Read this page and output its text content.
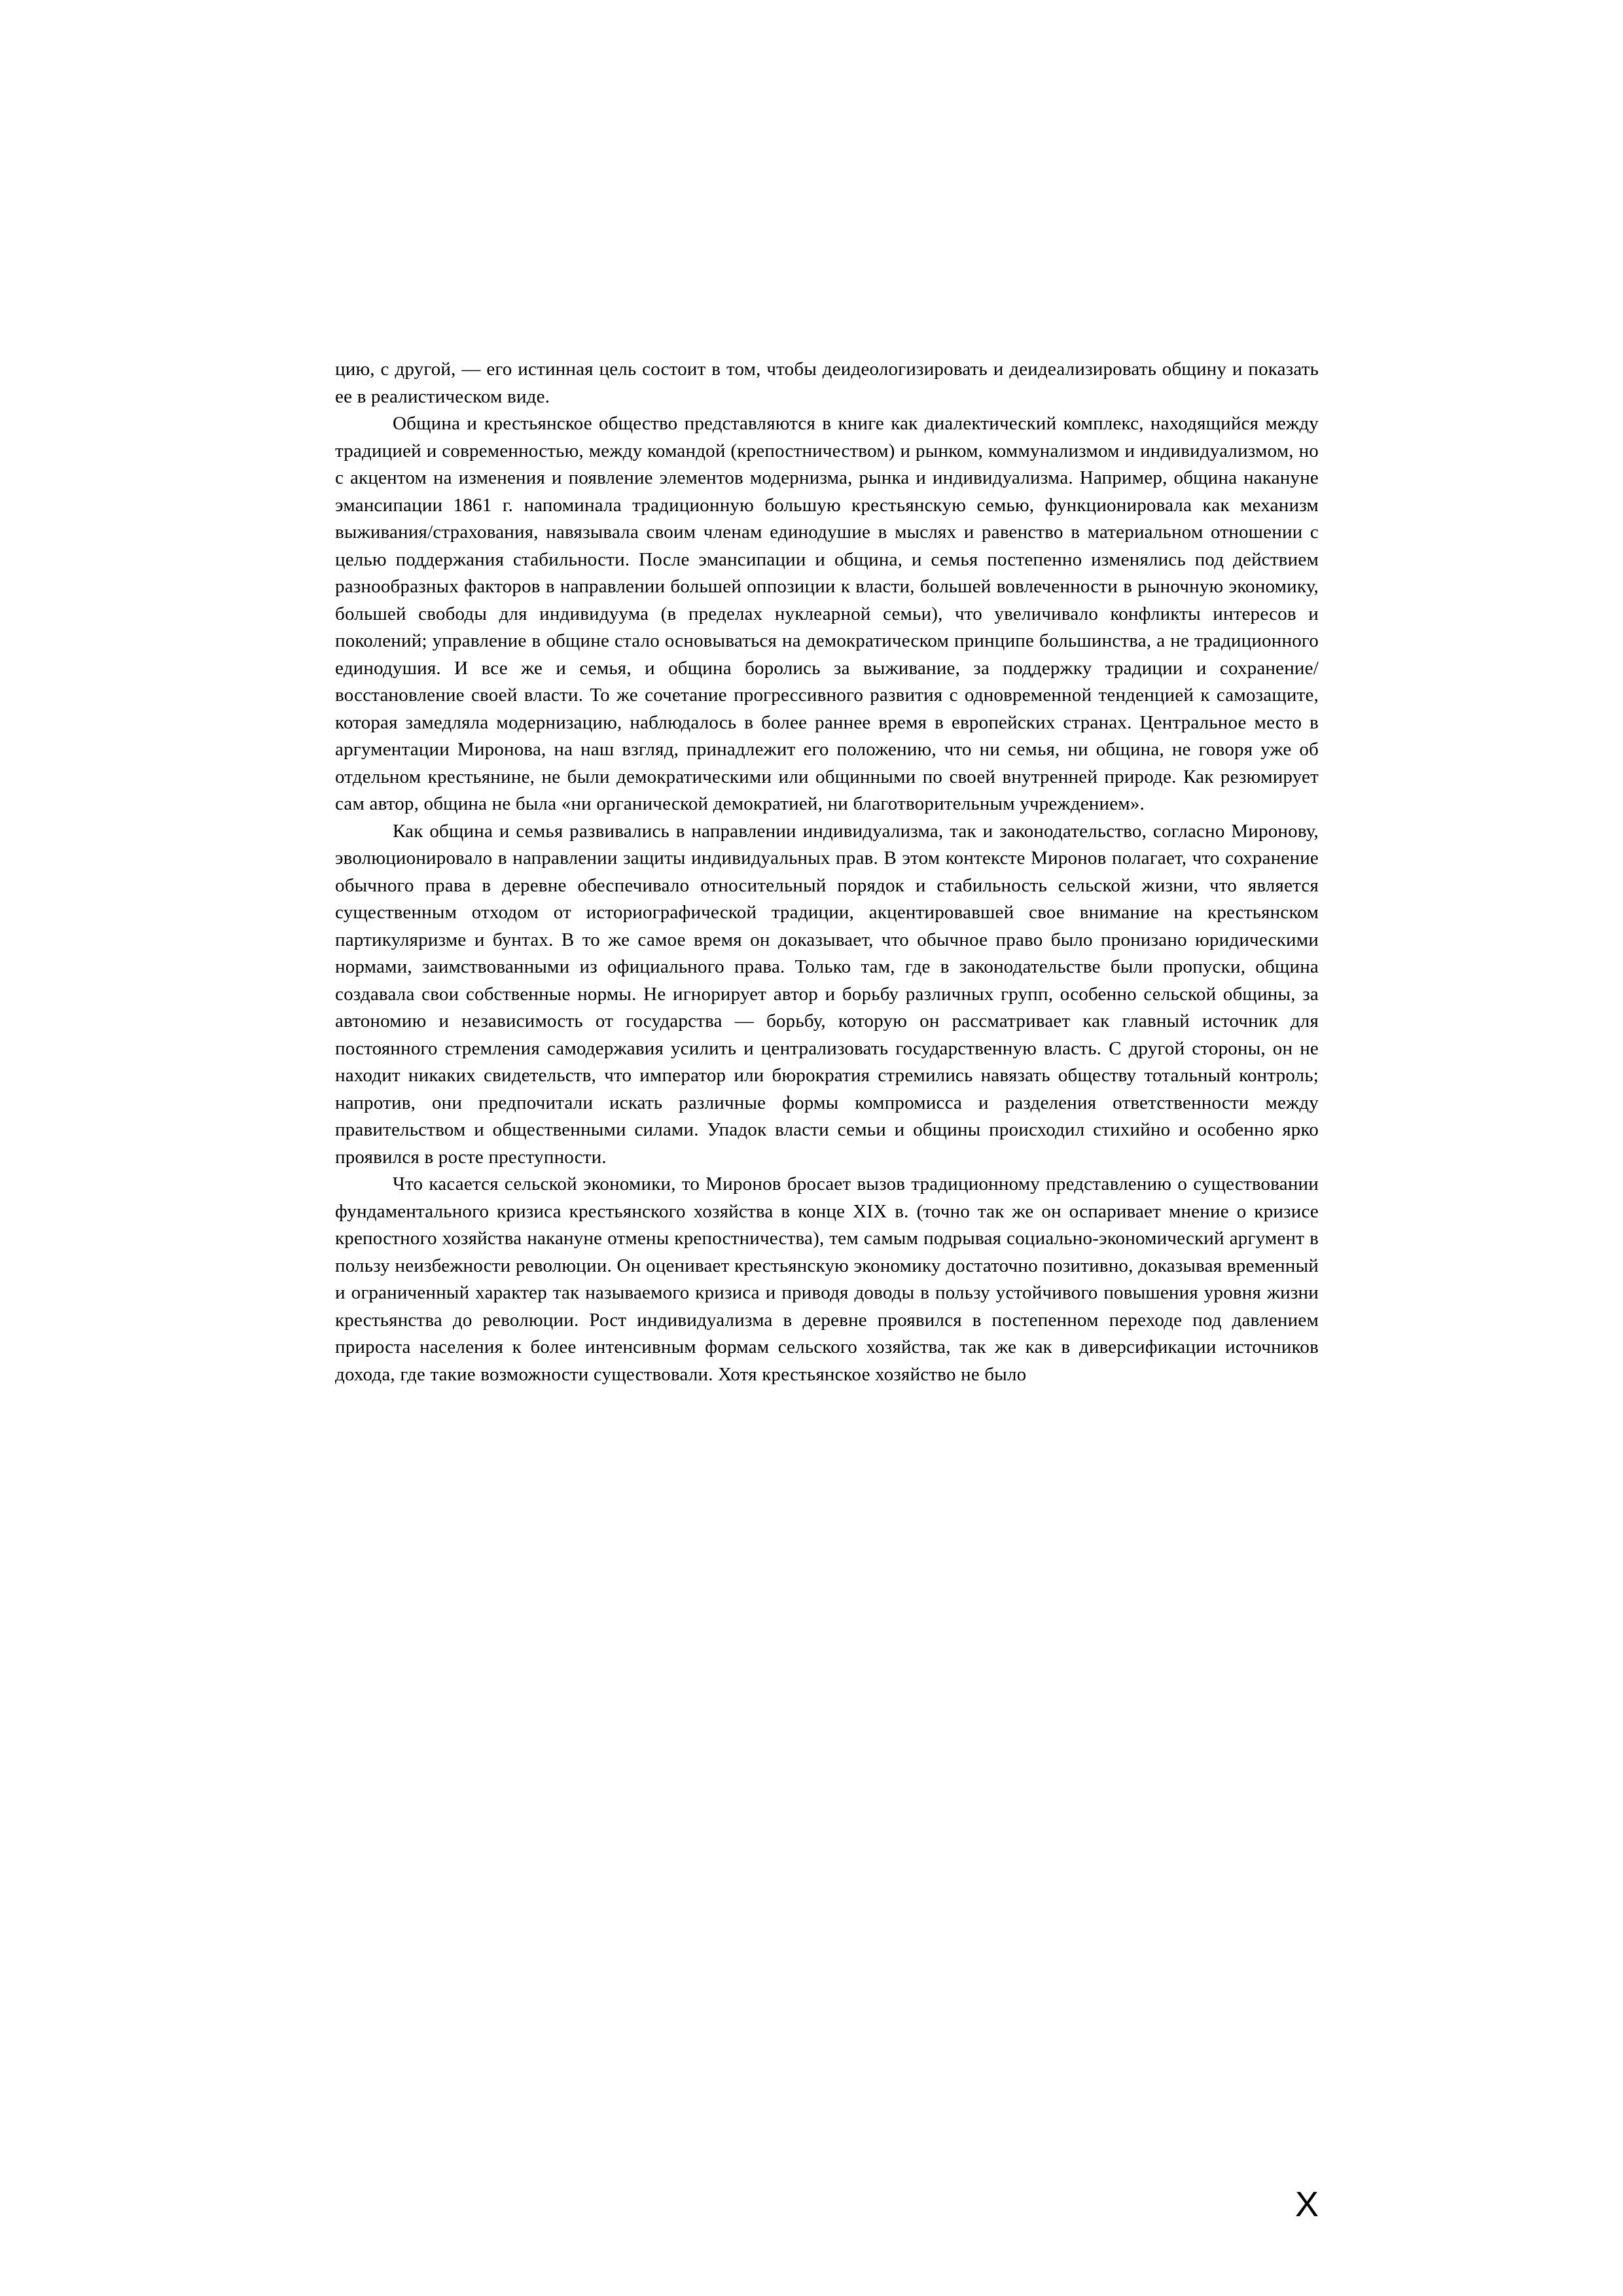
цию, с другой, — его истинная цель состоит в том, чтобы деидеологизировать и деидеализировать общину и показать ее в реалистическом виде.

Община и крестьянское общество представляются в книге как диалектический комплекс, находящийся между традицией и современностью, между командой (крепостничеством) и рынком, коммунализмом и индивидуализмом, но с акцентом на изменения и появление элементов модернизма, рынка и индивидуализма. Например, община накануне эмансипации 1861 г. напоминала традиционную большую крестьянскую семью, функционировала как механизм выживания/страхования, навязывала своим членам единодушие в мыслях и равенство в материальном отношении с целью поддержания стабильности. После эмансипации и община, и семья постепенно изменялись под действием разнообразных факторов в направлении большей оппозиции к власти, большей вовлеченности в рыночную экономику, большей свободы для индивидуума (в пределах нуклеарной семьи), что увеличивало конфликты интересов и поколений; управление в общине стало основываться на демократическом принципе большинства, а не традиционного единодушия. И все же и семья, и община боролись за выживание, за поддержку традиции и сохранение/восстановление своей власти. То же сочетание прогрессивного развития с одновременной тенденцией к самозащите, которая замедляла модернизацию, наблюдалось в более раннее время в европейских странах. Центральное место в аргументации Миронова, на наш взгляд, принадлежит его положению, что ни семья, ни община, не говоря уже об отдельном крестьянине, не были демократическими или общинными по своей внутренней природе. Как резюмирует сам автор, община не была «ни органической демократией, ни благотворительным учреждением».

Как община и семья развивались в направлении индивидуализма, так и законодательство, согласно Миронову, эволюционировало в направлении защиты индивидуальных прав. В этом контексте Миронов полагает, что сохранение обычного права в деревне обеспечивало относительный порядок и стабильность сельской жизни, что является существенным отходом от историографической традиции, акцентировавшей свое внимание на крестьянском партикуляризме и бунтах. В то же самое время он доказывает, что обычное право было пронизано юридическими нормами, заимствованными из официального права. Только там, где в законодательстве были пропуски, община создавала свои собственные нормы. Не игнорирует автор и борьбу различных групп, особенно сельской общины, за автономию и независимость от государства — борьбу, которую он рассматривает как главный источник для постоянного стремления самодержавия усилить и централизовать государственную власть. С другой стороны, он не находит никаких свидетельств, что император или бюрократия стремились навязать обществу тотальный контроль; напротив, они предпочитали искать различные формы компромисса и разделения ответственности между правительством и общественными силами. Упадок власти семьи и общины происходил стихийно и особенно ярко проявился в росте преступности.

Что касается сельской экономики, то Миронов бросает вызов традиционному представлению о существовании фундаментального кризиса крестьянского хозяйства в конце XIX в. (точно так же он оспаривает мнение о кризисе крепостного хозяйства накануне отмены крепостничества), тем самым подрывая социально-экономический аргумент в пользу неизбежности революции. Он оценивает крестьянскую экономику достаточно позитивно, доказывая временный и ограниченный характер так называемого кризиса и приводя доводы в пользу устойчивого повышения уровня жизни крестьянства до революции. Рост индивидуализма в деревне проявился в постепенном переходе под давлением прироста населения к более интенсивным формам сельского хозяйства, так же как в диверсификации источников дохода, где такие возможности существовали. Хотя крестьянское хозяйство не было

X
